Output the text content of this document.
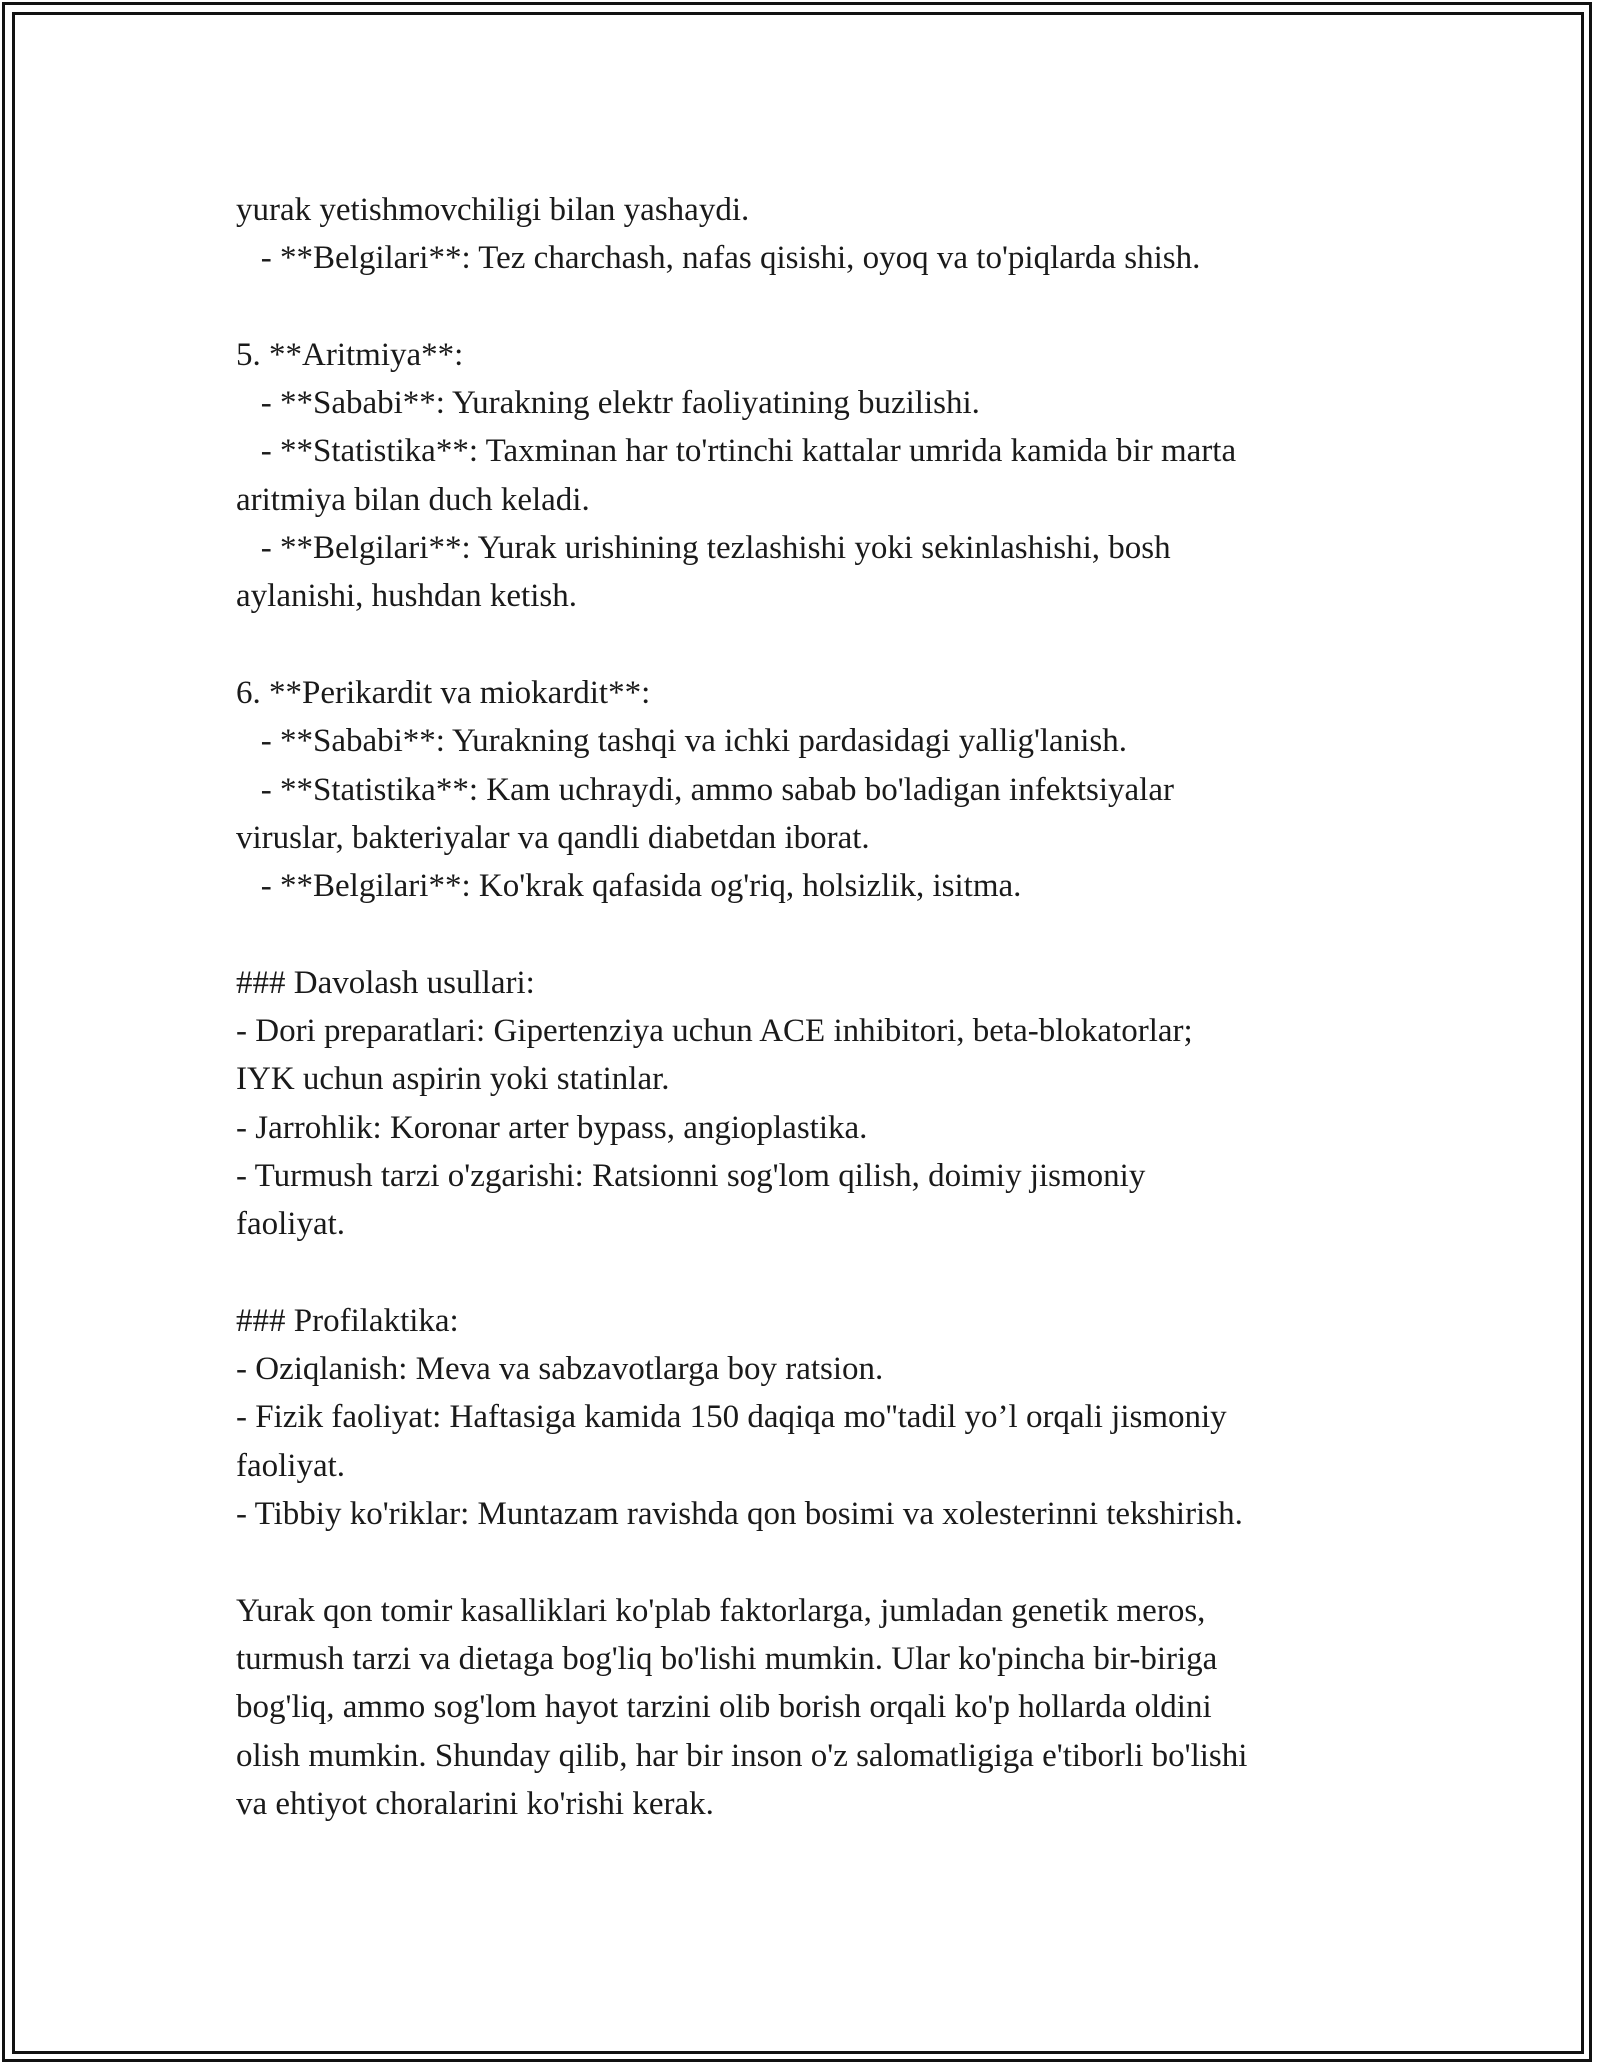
yurak yetishmovchiligi bilan yashaydi.

- **Belgilari**: Tez charchash, nafas qisishi, oyoq va to'piqlarda shish.

5. **Aritmiya**:

- **Sababi**: Yurakning elektr faoliyatining buzilishi.

- **Statistika**: Taxminan har to'rtinchi kattalar umrida kamida bir marta

aritmiya bilan duch keladi.

- **Belgilari**: Yurak urishining tezlashishi yoki sekinlashishi, bosh

aylanishi, hushdan ketish.

6. **Perikardit va miokardit**:

- **Sababi**: Yurakning tashqi va ichki pardasidagi yallig'lanish.

- **Statistika**: Kam uchraydi, ammo sabab bo'ladigan infektsiyalar

viruslar, bakteriyalar va qandli diabetdan iborat.

- **Belgilari**: Ko'krak qafasida og'riq, holsizlik, isitma.

### Davolash usullari:

- Dori preparatlari: Gipertenziya uchun ACE inhibitori, beta-blokatorlar;

IYK uchun aspirin yoki statinlar.

- Jarrohlik: Koronar arter bypass, angioplastika.

- Turmush tarzi o'zgarishi: Ratsionni sog'lom qilish, doimiy jismoniy

faoliyat.

### Profilaktika:

- Oziqlanish: Meva va sabzavotlarga boy ratsion.

- Fizik faoliyat: Haftasiga kamida 150 daqiqa mo''tadil yo’l orqali jismoniy

faoliyat.

- Tibbiy ko'riklar: Muntazam ravishda qon bosimi va xolesterinni tekshirish.

Yurak qon tomir kasalliklari ko'plab faktorlarga, jumladan genetik meros,

turmush tarzi va dietaga bog'liq bo'lishi mumkin. Ular ko'pincha bir-biriga

bog'liq, ammo sog'lom hayot tarzini olib borish orqali ko'p hollarda oldini

olish mumkin. Shunday qilib, har bir inson o'z salomatligiga e'tiborli bo'lishi

va ehtiyot choralarini ko'rishi kerak.
